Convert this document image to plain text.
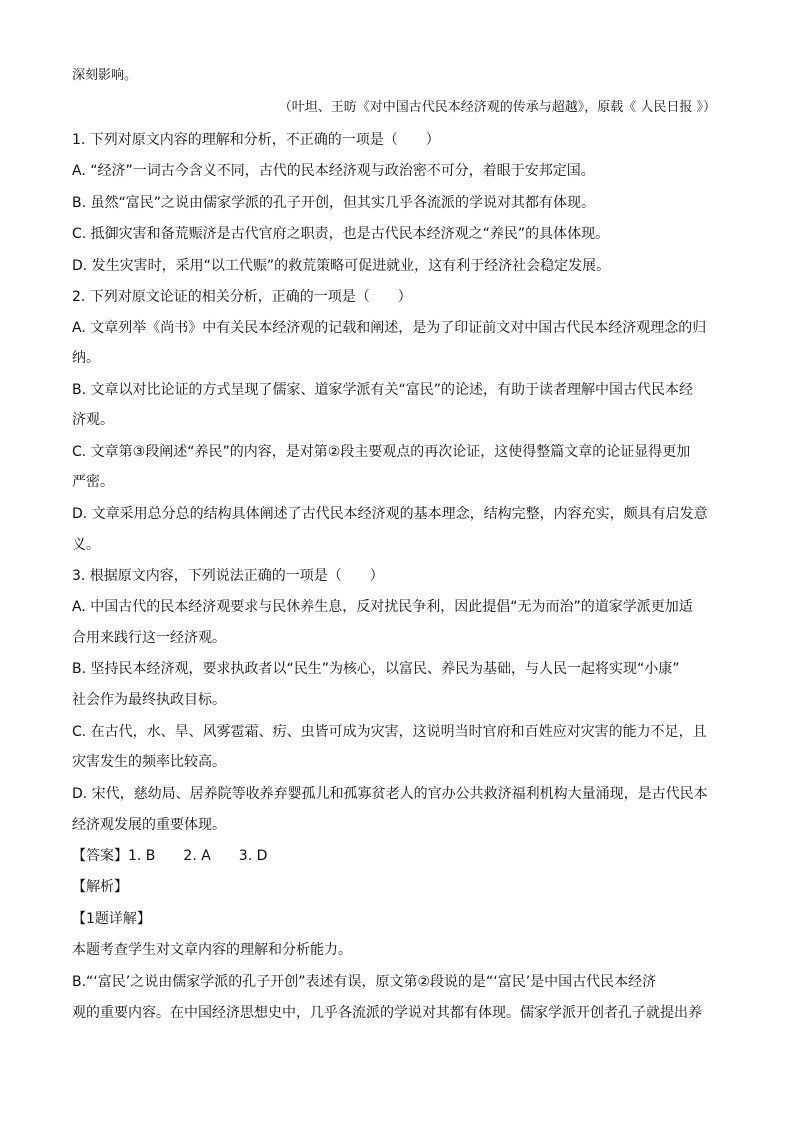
深刻影响。
（叶坦、王昉《对中国古代民本经济观的传承与超越》，原载《 人民日报 》）
1. 下列对原文内容的理解和分析，不正确的一项是（　　）
A. “经济”一词古今含义不同，古代的民本经济观与政治密不可分，着眼于安邦定国。
B. 虽然“富民”之说由儒家学派的孔子开创，但其实几乎各流派的学说对其都有体现。
C. 抵御灾害和备荒赈济是古代官府之职责，也是古代民本经济观之“养民”的具体体现。
D. 发生灾害时，采用“以工代赈”的救荒策略可促进就业，这有利于经济社会稳定发展。
2. 下列对原文论证的相关分析，正确的一项是（　　）
A. 文章列举《尚书》中有关民本经济观的记载和阐述，是为了印证前文对中国古代民本经济观理念的归
纳。
B. 文章以对比论证的方式呈现了儒家、道家学派有关“富民”的论述，有助于读者理解中国古代民本经
济观。
C. 文章第③段阐述“养民”的内容，是对第②段主要观点的再次论证，这使得整篇文章的论证显得更加
严密。
D. 文章采用总分总的结构具体阐述了古代民本经济观的基本理念，结构完整，内容充实，颇具有启发意
义。
3. 根据原文内容，下列说法正确的一项是（　　）
A. 中国古代的民本经济观要求与民休养生息，反对扰民争利，因此提倡“无为而治”的道家学派更加适
合用来践行这一经济观。
B. 坚持民本经济观，要求执政者以“民生”为核心，以富民、养民为基础，与人民一起将实现“小康”
社会作为最终执政目标。
C. 在古代，水、旱、风雾雹霜、疠、虫皆可成为灾害，这说明当时官府和百姓应对灾害的能力不足，且
灾害发生的频率比较高。
D. 宋代，慈幼局、居养院等收养弃婴孤儿和孤寡贫老人的官办公共救济福利机构大量涌现，是古代民本
经济观发展的重要体现。
【答案】1. B　　2. A　　3. D
【解析】
【1题详解】
本题考查学生对文章内容的理解和分析能力。
B.“‘富民’之说由儒家学派的孔子开创”表述有误，原文第②段说的是“‘富民’是中国古代民本经济
观的重要内容。在中国经济思想史中，几乎各流派的学说对其都有体现。儒家学派开创者孔子就提出养
